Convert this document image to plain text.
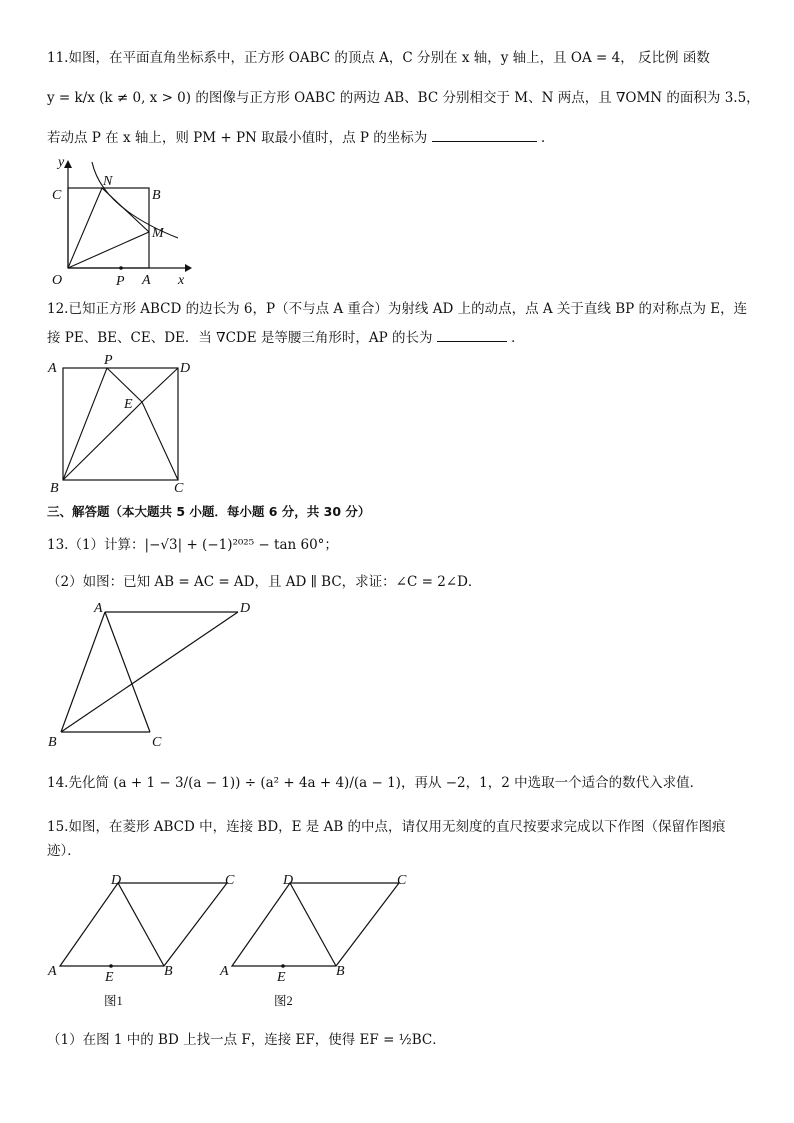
11.如图，在平面直角坐标系中，正方形 OABC 的顶点 A，C 分别在 x 轴，y 轴上，且 OA = 4， 反比例 函数
y = k/x (k ≠ 0, x > 0) 的图像与正方形 OABC 的两边 AB、BC 分别相交于 M、N 两点，且 ∇OMN 的面积为 3.5，
若动点 P 在 x 轴上，则 PM + PN 取最小值时，点 P 的坐标为	.
y
x
C
N
B
M
O	P A
12.已知正方形 ABCD 的边长为 6，P（不与点 A 重合）为射线 AD 上的动点，点 A 关于直线 BP 的对称点为 E，连
接 PE、BE、CE、DE．当 ∇CDE 是等腰三角形时，AP 的长为	．
A
P
D
E
B	C
三、解答题（本大题共 5 小题．每小题 6 分，共 30 分）
13.（1）计算：|−√3| + (−1)²⁰²⁵ − tan 60°；
（2）如图：已知 AB = AC = AD，且 AD ∥ BC，求证：∠C = 2∠D．
A	D
B	C
14.先化简 (a + 1 − 3/(a − 1)) ÷ (a² + 4a + 4)/(a − 1)，再从 −2，1，2 中选取一个适合的数代入求值．
15.如图，在菱形 ABCD 中，连接 BD，E 是 AB 的中点，请仅用无刻度的直尺按要求完成以下作图（保留作图痕
迹）．
D	C
A	E	B
图1
D	C
A	E	B
图2
（1）在图 1 中的 BD 上找一点 F，连接 EF，使得 EF = ½BC．
